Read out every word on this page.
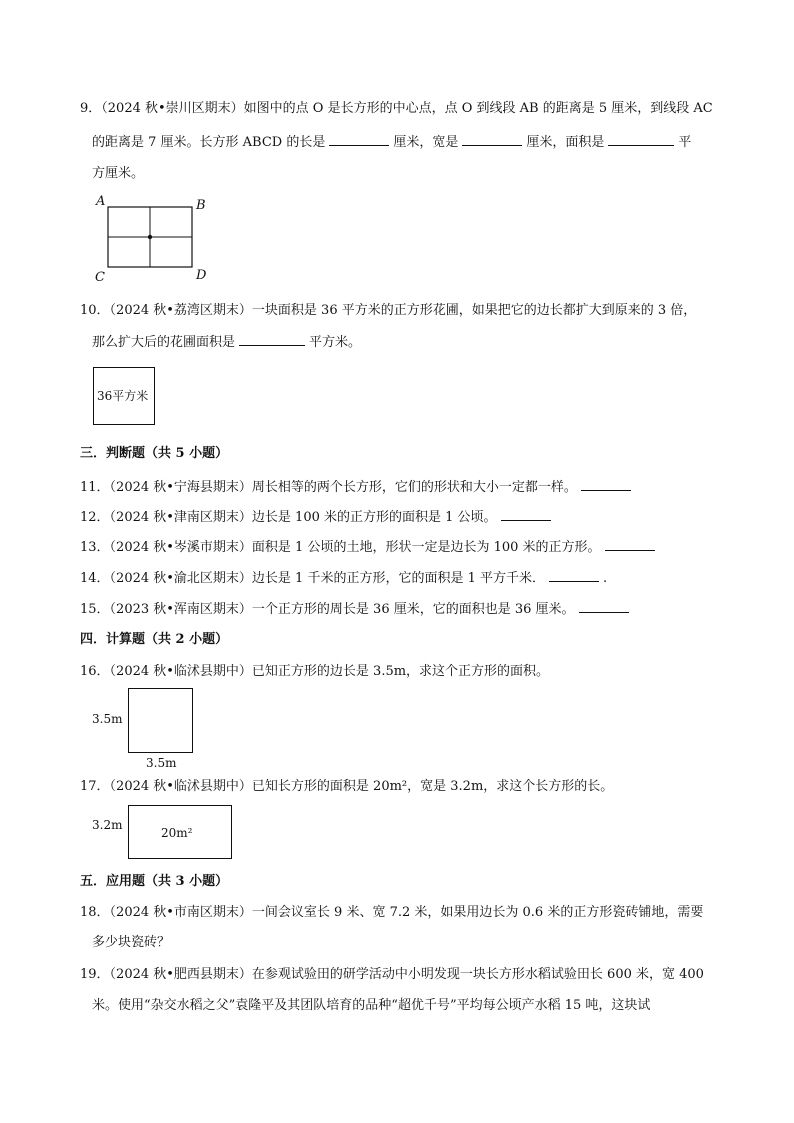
9．（2024 秋•崇川区期末）如图中的点 O 是长方形的中心点，点 O 到线段 AB 的距离是 5 厘米，到线段 AC
的距离是 7 厘米。长方形 ABCD 的长是	厘米，宽是	厘米，面积是	平
方厘米。
A	B
C	D
10．（2024 秋•荔湾区期末）一块面积是 36 平方米的正方形花圃，如果把它的边长都扩大到原来的 3 倍，
那么扩大后的花圃面积是	平方米。
36平方米
三．判断题（共 5 小题）
11．（2024 秋•宁海县期末）周长相等的两个长方形，它们的形状和大小一定都一样。
12．（2024 秋•津南区期末）边长是 100 米的正方形的面积是 1 公顷。
13．（2024 秋•岑溪市期末）面积是 1 公顷的土地，形状一定是边长为 100 米的正方形。
14．（2024 秋•渝北区期末）边长是 1 千米的正方形，它的面积是 1 平方千米．	.
15．（2023 秋•浑南区期末）一个正方形的周长是 36 厘米，它的面积也是 36 厘米。
四．计算题（共 2 小题）
16．（2024 秋•临沭县期中）已知正方形的边长是 3.5m，求这个正方形的面积。
3.5m
3.5m
17．（2024 秋•临沭县期中）已知长方形的面积是 20m²，宽是 3.2m，求这个长方形的长。
3.2m
20m²
五．应用题（共 3 小题）
18．（2024 秋•市南区期末）一间会议室长 9 米、宽 7.2 米，如果用边长为 0.6 米的正方形瓷砖铺地，需要
多少块瓷砖？
19．（2024 秋•肥西县期末）在参观试验田的研学活动中小明发现一块长方形水稻试验田长 600 米，宽 400
米。使用“杂交水稻之父”袁隆平及其团队培育的品种“超优千号”平均每公顷产水稻 15 吨，这块试
